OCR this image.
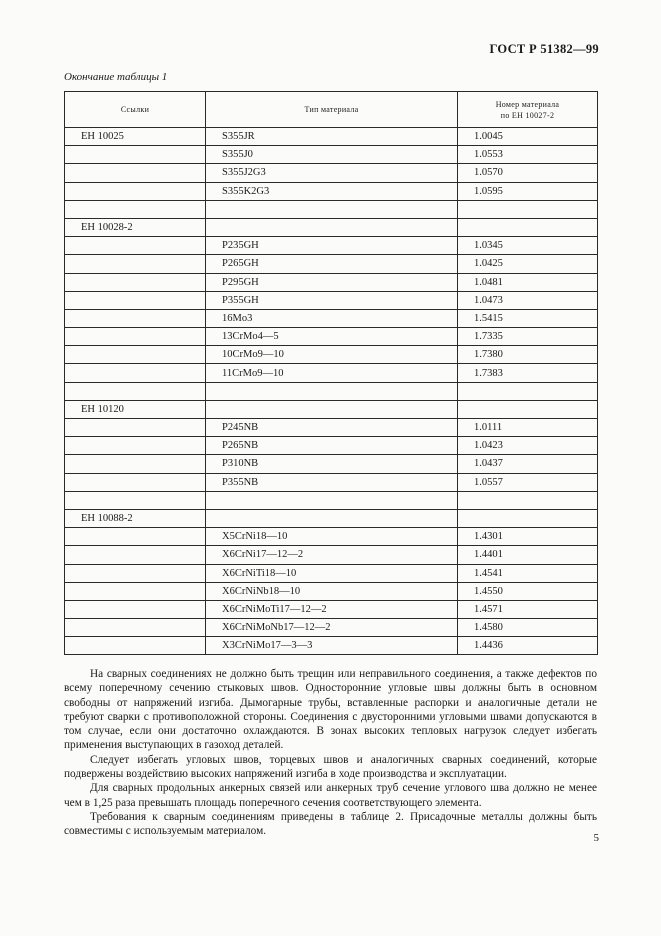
ГОСТ Р 51382—99
Окончание таблицы 1
Ссылки	Тип материала	Номер материала
по ЕН 10027-2
ЕН 10025	S355JR	1.0045
	S355J0	1.0553
	S355J2G3	1.0570
	S355K2G3	1.0595

ЕН 10028-2		
	P235GH	1.0345
	P265GH	1.0425
	P295GH	1.0481
	P355GH	1.0473
	16Mo3	1.5415
	13CrMo4—5	1.7335
	10CrMo9—10	1.7380
	11CrMo9—10	1.7383

ЕН 10120		
	P245NB	1.0111
	P265NB	1.0423
	P310NB	1.0437
	P355NB	1.0557

ЕН 10088-2		
	X5CrNi18—10	1.4301
	X6CrNi17—12—2	1.4401
	X6CrNiTi18—10	1.4541
	X6CrNiNb18—10	1.4550
	X6CrNiMoTi17—12—2	1.4571
	X6CrNiMoNb17—12—2	1.4580
	X3CrNiMo17—3—3	1.4436

На сварных соединениях не должно быть трещин или неправильного соединения, а также дефектов по всему поперечному сечению стыковых швов. Односторонние угловые швы должны быть в основном свободны от напряжений изгиба. Дымогарные трубы, вставленные распорки и аналогичные детали не требуют сварки с противоположной стороны. Соединения с двусторонними угловыми швами допускаются в том случае, если они достаточно охлаждаются. В зонах высоких тепловых нагрузок следует избегать применения выступающих в газоход деталей.

Следует избегать угловых швов, торцевых швов и аналогичных сварных соединений, которые подвержены воздействию высоких напряжений изгиба в ходе производства и эксплуатации.

Для сварных продольных анкерных связей или анкерных труб сечение углового шва должно не менее чем в 1,25 раза превышать площадь поперечного сечения соответствующего элемента.

Требования к сварным соединениям приведены в таблице 2. Присадочные металлы должны быть совместимы с используемым материалом.

5
